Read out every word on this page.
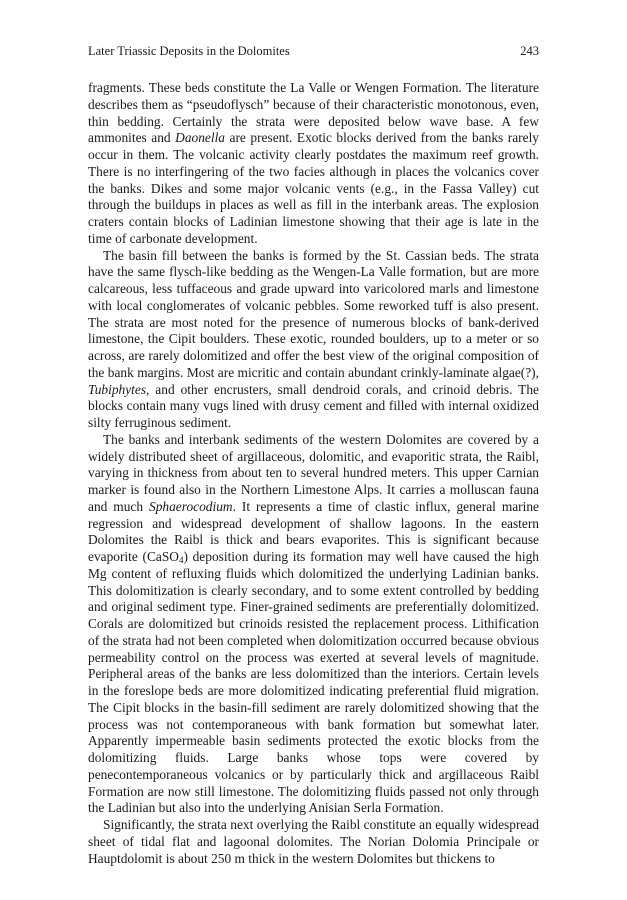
Later Triassic Deposits in the Dolomites	243

fragments. These beds constitute the La Valle or Wengen Formation. The literature describes them as “pseudoflysch” because of their characteristic monotonous, even, thin bedding. Certainly the strata were deposited below wave base. A few ammonites and Daonella are present. Exotic blocks derived from the banks rarely occur in them. The volcanic activity clearly postdates the maximum reef growth. There is no interfingering of the two facies although in places the volcanics cover the banks. Dikes and some major volcanic vents (e.g., in the Fassa Valley) cut through the buildups in places as well as fill in the interbank areas. The explosion craters contain blocks of Ladinian limestone showing that their age is late in the time of carbonate development.

The basin fill between the banks is formed by the St. Cassian beds. The strata have the same flysch-like bedding as the Wengen-La Valle formation, but are more calcareous, less tuffaceous and grade upward into varicolored marls and limestone with local conglomerates of volcanic pebbles. Some reworked tuff is also present. The strata are most noted for the presence of numerous blocks of bank-derived limestone, the Cipit boulders. These exotic, rounded boulders, up to a meter or so across, are rarely dolomitized and offer the best view of the original composition of the bank margins. Most are micritic and contain abundant crinkly-laminate algae(?), Tubiphytes, and other encrusters, small dendroid corals, and crinoid debris. The blocks contain many vugs lined with drusy cement and filled with internal oxidized silty ferruginous sediment.

The banks and interbank sediments of the western Dolomites are covered by a widely distributed sheet of argillaceous, dolomitic, and evaporitic strata, the Raibl, varying in thickness from about ten to several hundred meters. This upper Carnian marker is found also in the Northern Limestone Alps. It carries a molluscan fauna and much Sphaerocodium. It represents a time of clastic influx, general marine regression and widespread development of shallow lagoons. In the eastern Dolomites the Raibl is thick and bears evaporites. This is significant because evaporite (CaSO$_4$) deposition during its formation may well have caused the high Mg content of refluxing fluids which dolomitized the underlying Ladinian banks. This dolomitization is clearly secondary, and to some extent controlled by bedding and original sediment type. Finer-grained sediments are preferentially dolomitized. Corals are dolomitized but crinoids resisted the replacement process. Lithification of the strata had not been completed when dolomitization occurred because obvious permeability control on the process was exerted at several levels of magnitude. Peripheral areas of the banks are less dolomitized than the interiors. Certain levels in the foreslope beds are more dolomitized indicating preferential fluid migration. The Cipit blocks in the basin-fill sediment are rarely dolomitized showing that the process was not contemporaneous with bank formation but somewhat later. Apparently impermeable basin sediments protected the exotic blocks from the dolomitizing fluids. Large banks whose tops were covered by penecontemporaneous volcanics or by particularly thick and argillaceous Raibl Formation are now still limestone. The dolomitizing fluids passed not only through the Ladinian but also into the underlying Anisian Serla Formation.

Significantly, the strata next overlying the Raibl constitute an equally widespread sheet of tidal flat and lagoonal dolomites. The Norian Dolomia Principale or Hauptdolomit is about 250 m thick in the western Dolomites but thickens to
